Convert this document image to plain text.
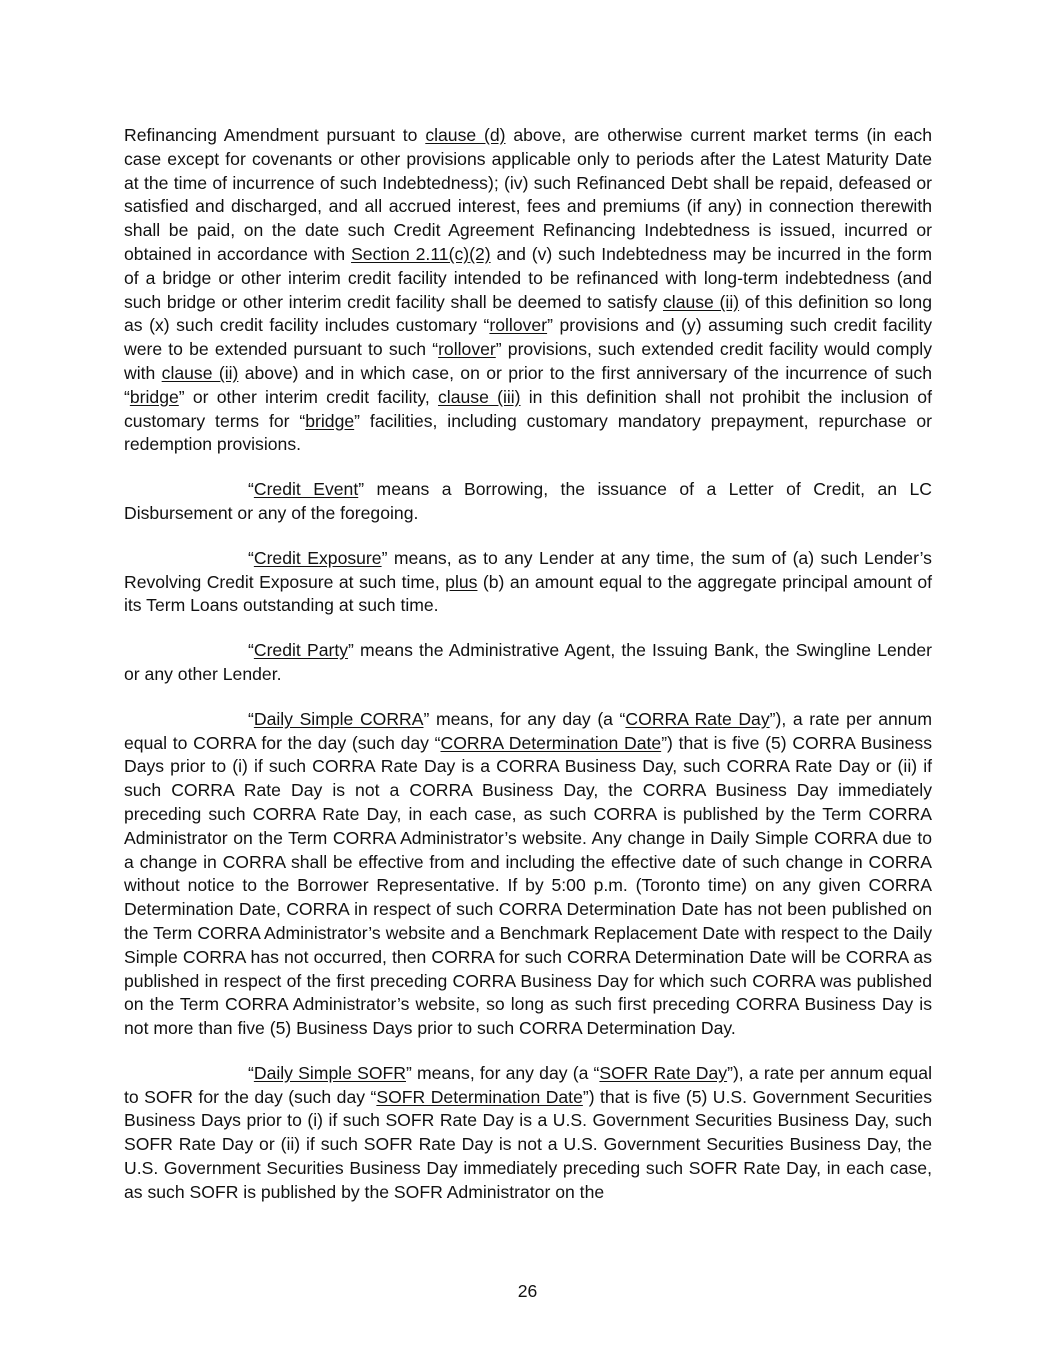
Refinancing Amendment pursuant to clause (d) above, are otherwise current market terms (in each case except for covenants or other provisions applicable only to periods after the Latest Maturity Date at the time of incurrence of such Indebtedness); (iv) such Refinanced Debt shall be repaid, defeased or satisfied and discharged, and all accrued interest, fees and premiums (if any) in connection therewith shall be paid, on the date such Credit Agreement Refinancing Indebtedness is issued, incurred or obtained in accordance with Section 2.11(c)(2) and (v) such Indebtedness may be incurred in the form of a bridge or other interim credit facility intended to be refinanced with long-term indebtedness (and such bridge or other interim credit facility shall be deemed to satisfy clause (ii) of this definition so long as (x) such credit facility includes customary “rollover” provisions and (y) assuming such credit facility were to be extended pursuant to such “rollover” provisions, such extended credit facility would comply with clause (ii) above) and in which case, on or prior to the first anniversary of the incurrence of such “bridge” or other interim credit facility, clause (iii) in this definition shall not prohibit the inclusion of customary terms for “bridge” facilities, including customary mandatory prepayment, repurchase or redemption provisions.

“Credit Event” means a Borrowing, the issuance of a Letter of Credit, an LC Disbursement or any of the foregoing.

“Credit Exposure” means, as to any Lender at any time, the sum of (a) such Lender’s Revolving Credit Exposure at such time, plus (b) an amount equal to the aggregate principal amount of its Term Loans outstanding at such time.

“Credit Party” means the Administrative Agent, the Issuing Bank, the Swingline Lender or any other Lender.

“Daily Simple CORRA” means, for any day (a “CORRA Rate Day”), a rate per annum equal to CORRA for the day (such day “CORRA Determination Date”) that is five (5) CORRA Business Days prior to (i) if such CORRA Rate Day is a CORRA Business Day, such CORRA Rate Day or (ii) if such CORRA Rate Day is not a CORRA Business Day, the CORRA Business Day immediately preceding such CORRA Rate Day, in each case, as such CORRA is published by the Term CORRA Administrator on the Term CORRA Administrator’s website. Any change in Daily Simple CORRA due to a change in CORRA shall be effective from and including the effective date of such change in CORRA without notice to the Borrower Representative. If by 5:00 p.m. (Toronto time) on any given CORRA Determination Date, CORRA in respect of such CORRA Determination Date has not been published on the Term CORRA Administrator’s website and a Benchmark Replacement Date with respect to the Daily Simple CORRA has not occurred, then CORRA for such CORRA Determination Date will be CORRA as published in respect of the first preceding CORRA Business Day for which such CORRA was published on the Term CORRA Administrator’s website, so long as such first preceding CORRA Business Day is not more than five (5) Business Days prior to such CORRA Determination Day.

“Daily Simple SOFR” means, for any day (a “SOFR Rate Day”), a rate per annum equal to SOFR for the day (such day “SOFR Determination Date”) that is five (5) U.S. Government Securities Business Days prior to (i) if such SOFR Rate Day is a U.S. Government Securities Business Day, such SOFR Rate Day or (ii) if such SOFR Rate Day is not a U.S. Government Securities Business Day, the U.S. Government Securities Business Day immediately preceding such SOFR Rate Day, in each case, as such SOFR is published by the SOFR Administrator on the

26
